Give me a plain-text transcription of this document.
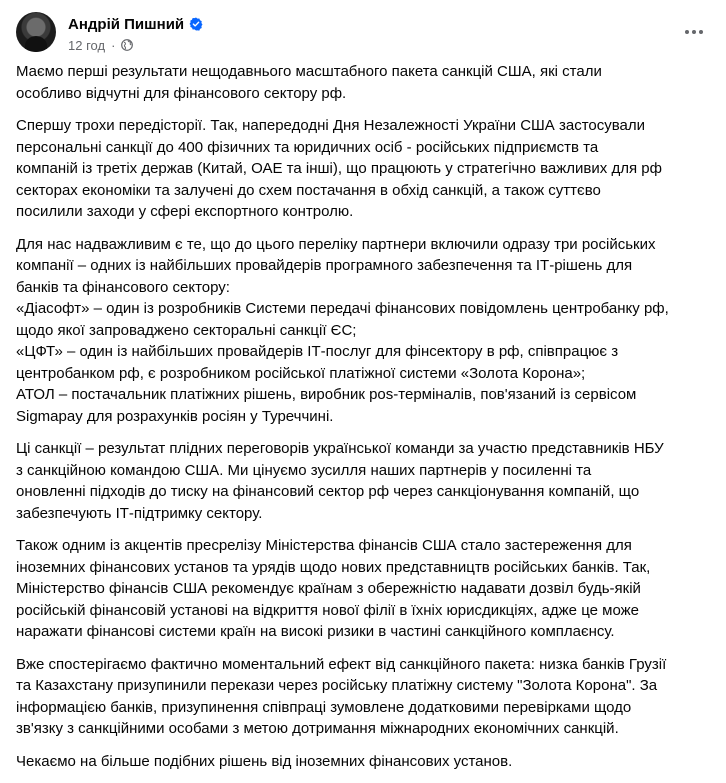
Андрій Пишний
12 год ·

Маємо перші результати нещодавнього масштабного пакета санкцій США, які стали
особливо відчутні для фінансового сектору рф.

Спершу трохи передісторії. Так, напередодні Дня Незалежності України США застосували
персональні санкції до 400 фізичних та юридичних осіб - російських підприємств та
компаній із третіх держав (Китай, ОАЕ та інші), що працюють у стратегічно важливих для рф
секторах економіки та залучені до схем постачання в обхід санкцій, а також суттєво
посилили заходи у сфері експортного контролю.

Для нас надважливим є те, що до цього переліку партнери включили одразу три російських
компанії – одних із найбільших провайдерів програмного забезпечення та ІТ-рішень для
банків та фінансового сектору:
«Діасофт» – один із розробників Системи передачі фінансових повідомлень центробанку рф,
щодо якої запроваджено секторальні санкції ЄС;
«ЦФТ» – один із найбільших провайдерів ІТ-послуг для фінсектору в рф, співпрацює з
центробанком рф, є розробником російської платіжної системи «Золота Корона»;
АТОЛ – постачальник платіжних рішень, виробник pos-терміналів, пов'язаний із сервісом
Sigmapay для розрахунків росіян у Туреччині.

Ці санкції – результат плідних переговорів української команди за участю представників НБУ
з санкційною командою США. Ми цінуємо зусилля наших партнерів у посиленні та
оновленні підходів до тиску на фінансовий сектор рф через санкціонування компаній, що
забезпечують ІТ-підтримку сектору.

Також одним із акцентів пресрелізу Міністерства фінансів США стало застереження для
іноземних фінансових установ та урядів щодо нових представництв російських банків. Так,
Міністерство фінансів США рекомендує країнам з обережністю надавати дозвіл будь-якій
російській фінансовій установі на відкриття нової філії в їхніх юрисдикціях, адже це може
наражати фінансові системи країн на високі ризики в частині санкційного комплаєнсу.

Вже спостерігаємо фактично моментальний ефект від санкційного пакета: низка банків Грузії
та Казахстану призупинили перекази через російську платіжну систему "Золота Корона". За
інформацією банків, призупинення співпраці зумовлене додатковими перевірками щодо
зв'язку з санкційними особами з метою дотримання міжнародних економічних санкцій.

Чекаємо на більше подібних рішень від іноземних фінансових установ.
